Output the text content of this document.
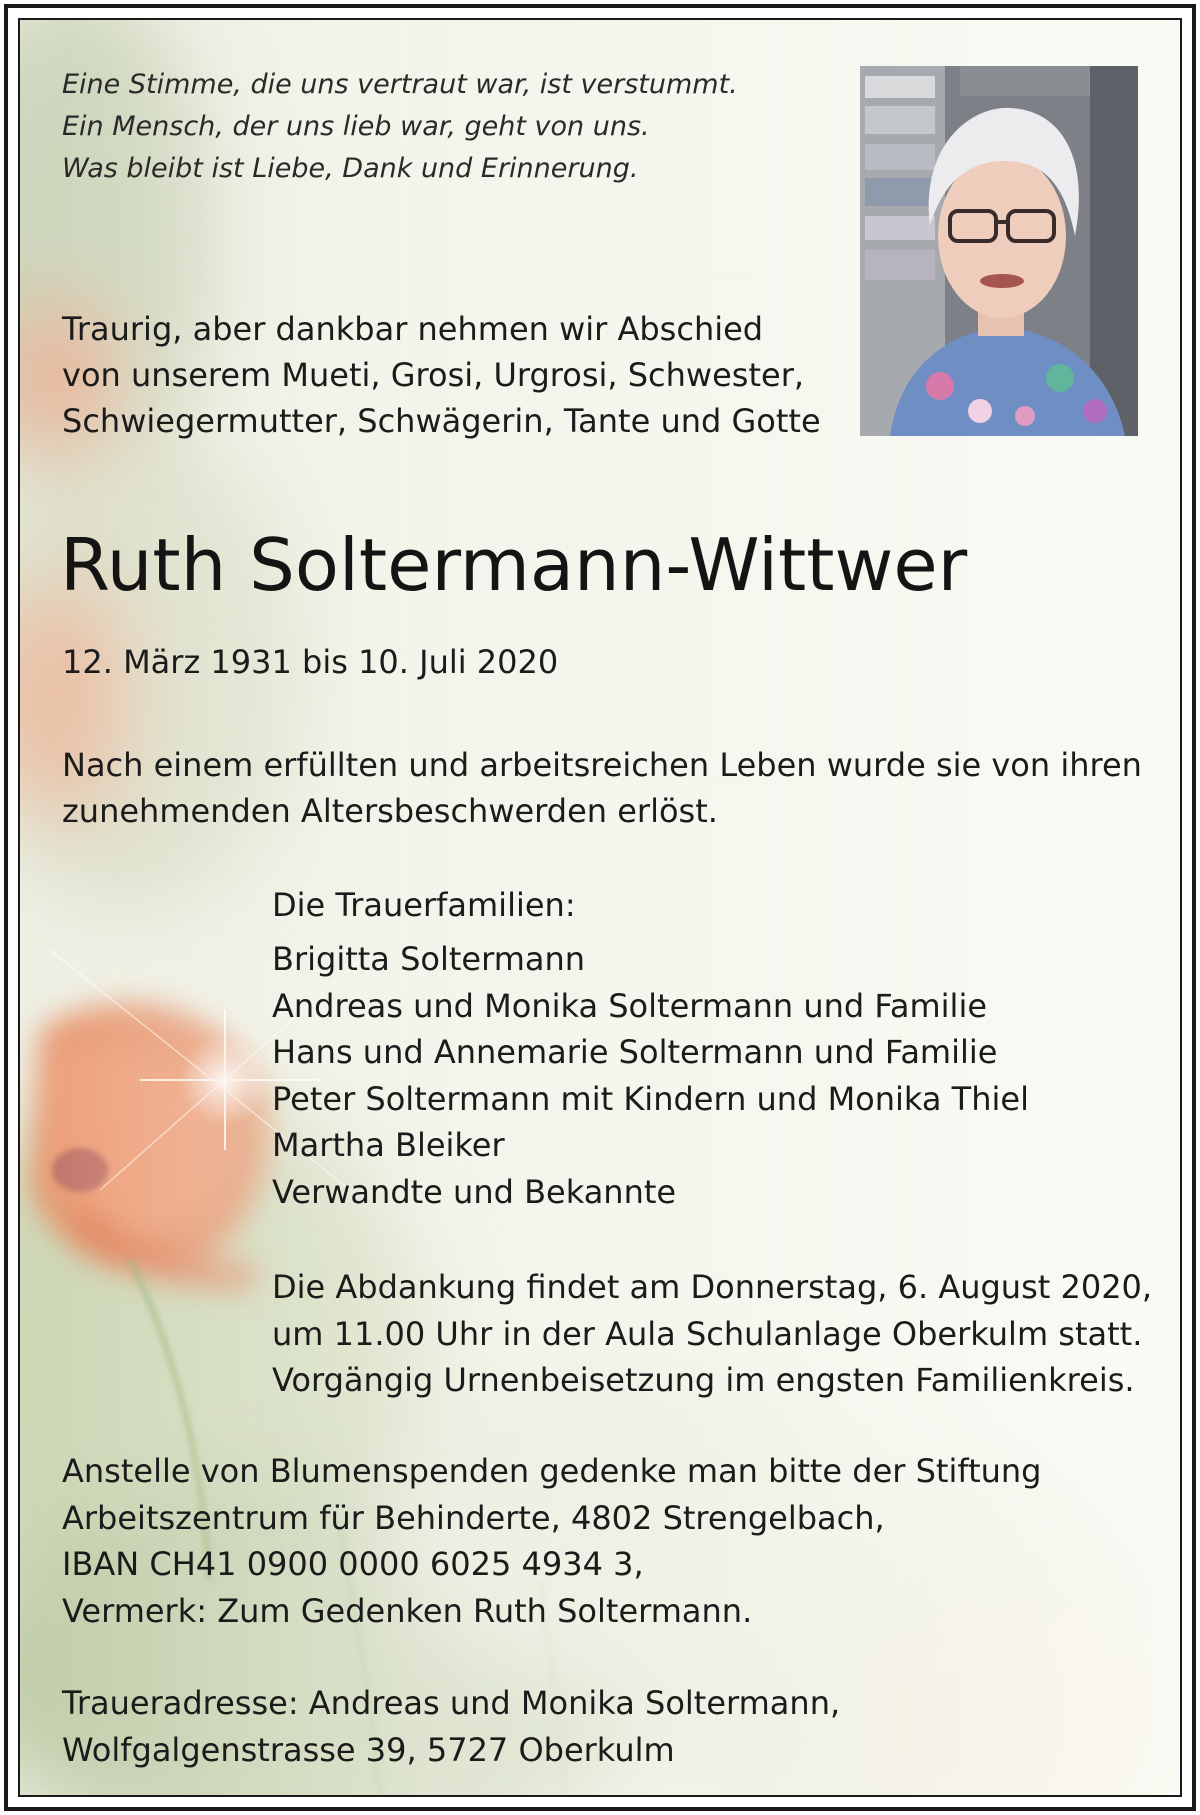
Eine Stimme, die uns vertraut war, ist verstummt.
Ein Mensch, der uns lieb war, geht von uns.
Was bleibt ist Liebe, Dank und Erinnerung.
Traurig, aber dankbar nehmen wir Abschied
von unserem Mueti, Grosi, Urgrosi, Schwester,
Schwiegermutter, Schwägerin, Tante und Gotte
Ruth Soltermann-Wittwer
12. März 1931 bis 10. Juli 2020
Nach einem erfüllten und arbeitsreichen Leben wurde sie von ihren
zunehmenden Altersbeschwerden erlöst.
Die Trauerfamilien:
Brigitta Soltermann
Andreas und Monika Soltermann und Familie
Hans und Annemarie Soltermann und Familie
Peter Soltermann mit Kindern und Monika Thiel
Martha Bleiker
Verwandte und Bekannte
Die Abdankung findet am Donnerstag, 6. August 2020,
um 11.00 Uhr in der Aula Schulanlage Oberkulm statt.
Vorgängig Urnenbeisetzung im engsten Familienkreis.
Anstelle von Blumenspenden gedenke man bitte der Stiftung
Arbeitszentrum für Behinderte, 4802 Strengelbach,
IBAN CH41 0900 0000 6025 4934 3,
Vermerk: Zum Gedenken Ruth Soltermann.
Traueradresse: Andreas und Monika Soltermann,
Wolfgalgenstrasse 39, 5727 Oberkulm
